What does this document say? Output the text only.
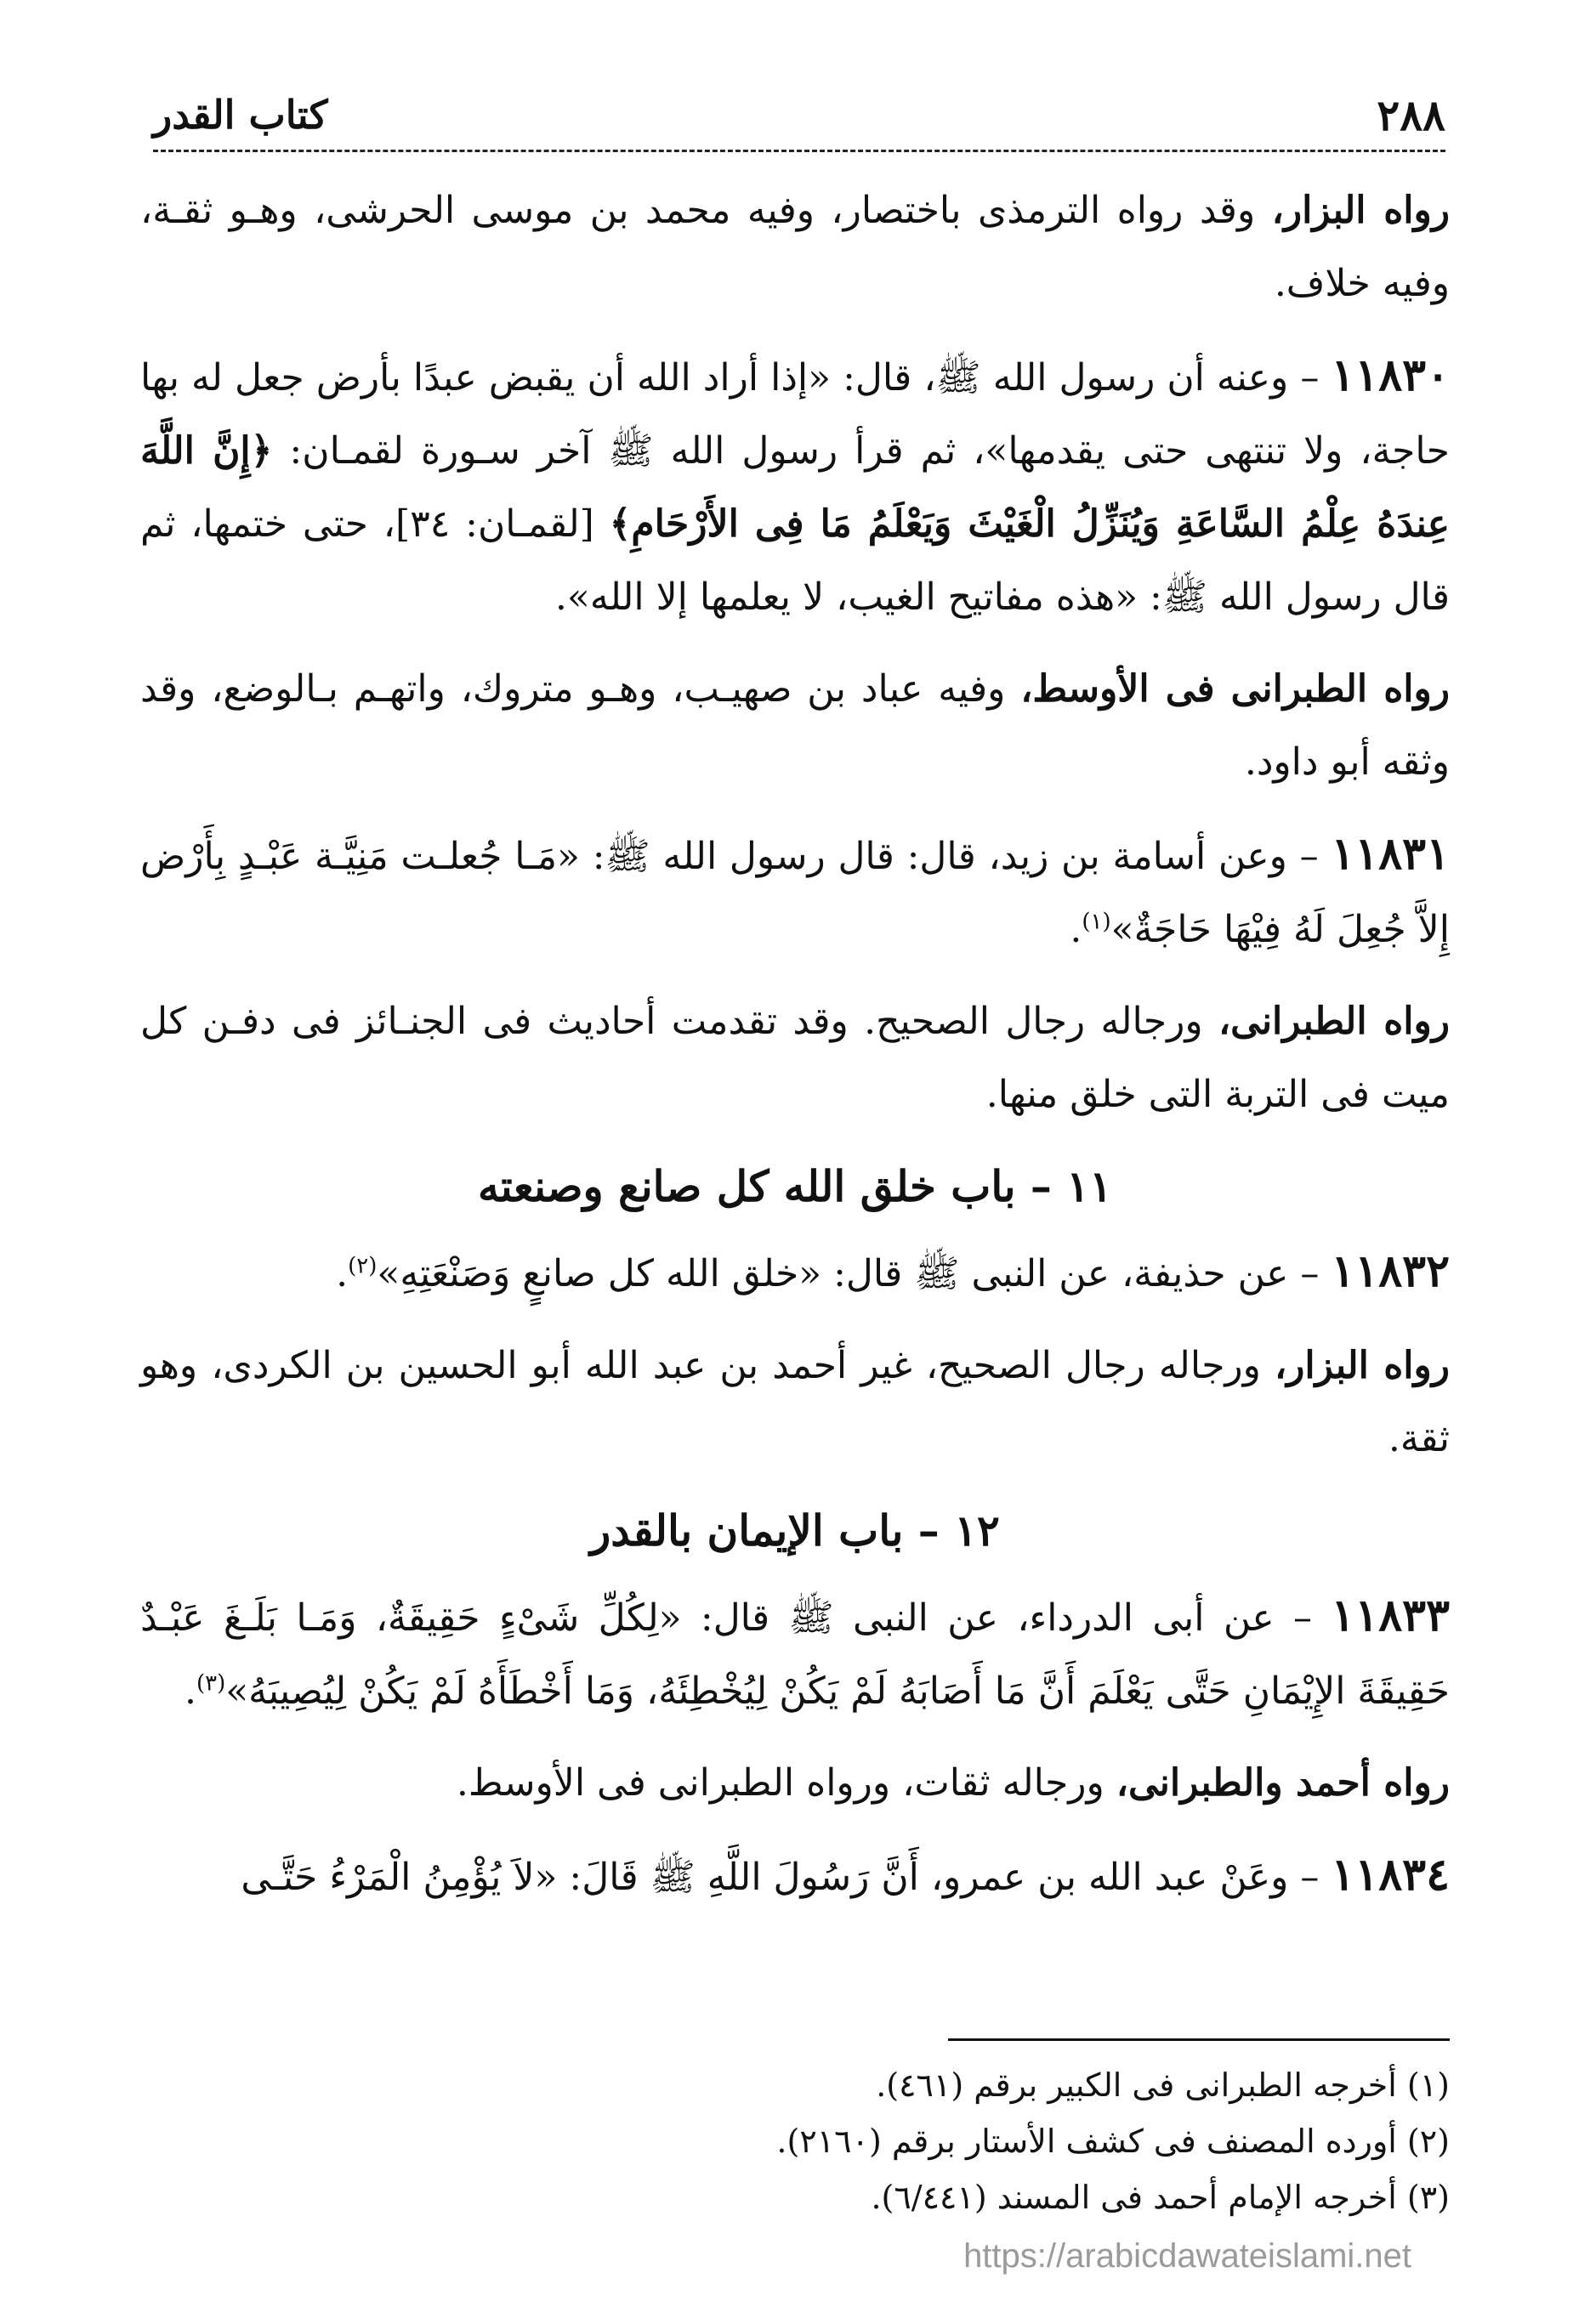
٢٨٨
كتاب القدر

رواه البزار، وقد رواه الترمذى باختصار، وفيه محمد بن موسى الحرشى، وهـو ثقـة، وفيه خلاف.

١١٨٣٠ – وعنه أن رسول الله ﷺ، قال: «إذا أراد الله أن يقبض عبدًا بأرض جعل له بها حاجة، ولا تنتهى حتى يقدمها»، ثم قرأ رسول الله ﷺ آخر سـورة لقمـان: ﴿إِنَّ اللَّهَ عِندَهُ عِلْمُ السَّاعَةِ وَيُنَزِّلُ الْغَيْثَ وَيَعْلَمُ مَا فِى الأَرْحَامِ﴾ [لقمـان: ٣٤]، حتى ختمها، ثم قال رسول الله ﷺ: «هذه مفاتيح الغيب، لا يعلمها إلا الله».

رواه الطبرانى فى الأوسط، وفيه عباد بن صهيـب، وهـو متروك، واتهـم بـالوضع، وقد وثقه أبو داود.

١١٨٣١ – وعن أسامة بن زيد، قال: قال رسول الله ﷺ: «مَـا جُعلـت مَنِيَّـة عَبْـدٍ بِأَرْض إِلاَّ جُعِلَ لَهُ فِيْهَا حَاجَةٌ»$^{(١)}$.

رواه الطبرانى، ورجاله رجال الصحيح. وقد تقدمت أحاديث فى الجنـائز فى دفـن كل ميت فى التربة التى خلق منها.

١١ – باب خلق الله كل صانع وصنعته

١١٨٣٢ – عن حذيفة، عن النبى ﷺ قال: «خلق الله كل صانعٍ وَصَنْعَتِهِ»$^{(٢)}$.

رواه البزار، ورجاله رجال الصحيح، غير أحمد بن عبد الله أبو الحسين بن الكردى، وهو ثقة.

١٢ – باب الإيمان بالقدر

١١٨٣٣ – عن أبى الدرداء، عن النبى ﷺ قال: «لِكُلِّ شَىْءٍ حَقِيقَةٌ، وَمَـا بَلَـغَ عَبْـدٌ حَقِيقَةَ الإِيْمَانِ حَتَّى يَعْلَمَ أَنَّ مَا أَصَابَهُ لَمْ يَكُنْ لِيُخْطِئَهُ، وَمَا أَخْطَأَهُ لَمْ يَكُنْ لِيُصِيبَهُ»$^{(٣)}$.

رواه أحمد والطبرانى، ورجاله ثقات، ورواه الطبرانى فى الأوسط.

١١٨٣٤ – وعَنْ عبد الله بن عمرو، أَنَّ رَسُولَ اللَّهِ ﷺ قَالَ: «لاَ يُؤْمِنُ الْمَرْءُ حَتَّـى

(١) أخرجه الطبرانى فى الكبير برقم (٤٦١).

(٢) أورده المصنف فى كشف الأستار برقم (٢١٦٠).

(٣) أخرجه الإمام أحمد فى المسند (٦/٤٤١).

https://arabicdawateislami.net
